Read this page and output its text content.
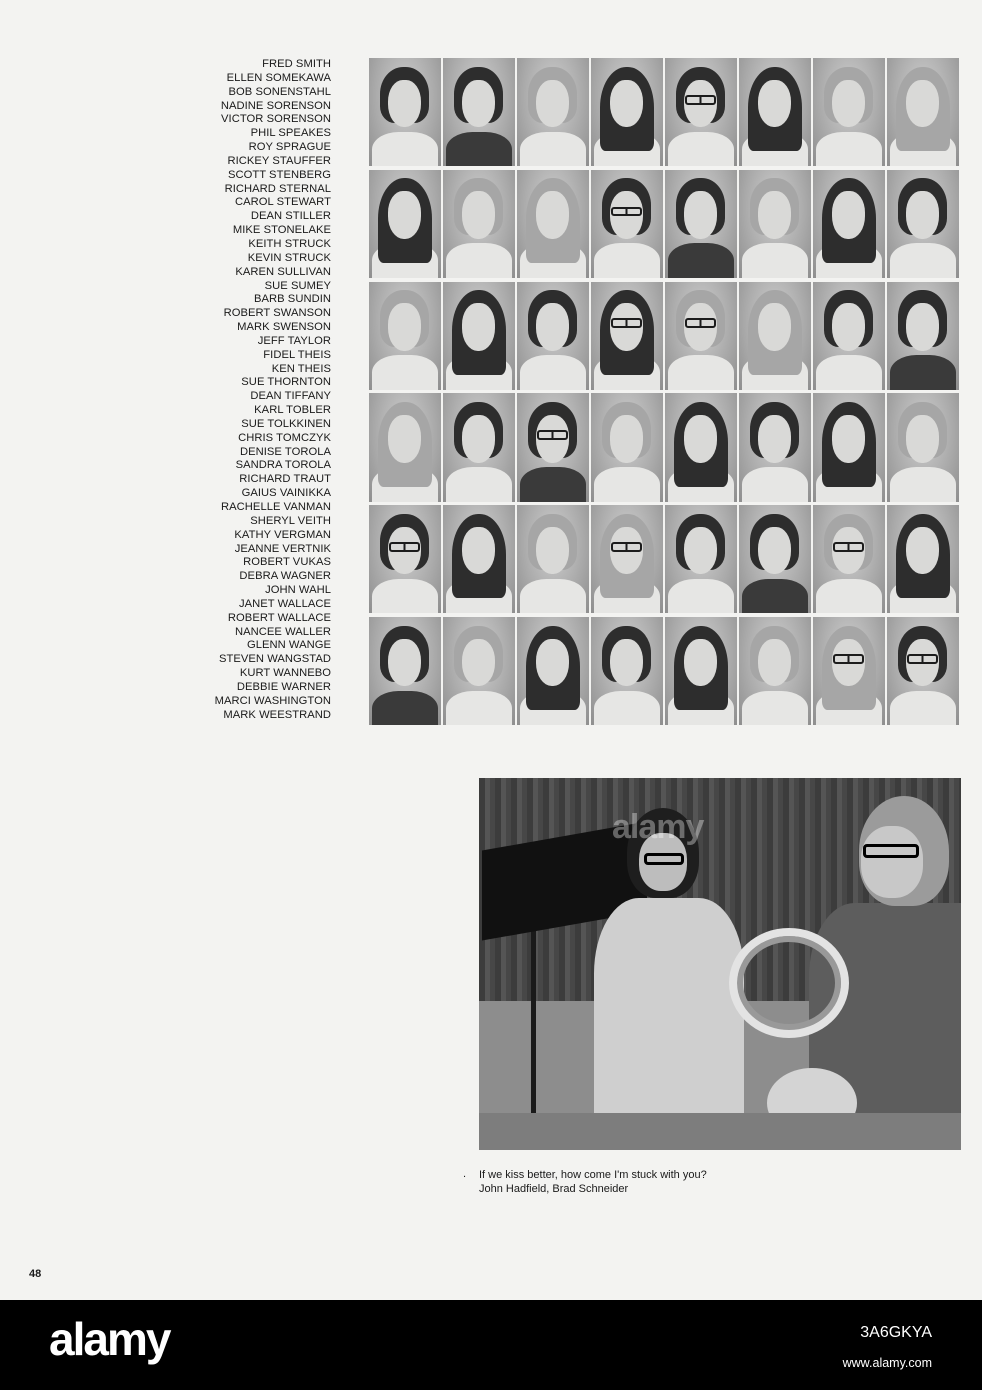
FRED SMITH
ELLEN SOMEKAWA
BOB SONENSTAHL
NADINE SORENSON
VICTOR SORENSON
PHIL SPEAKES
ROY SPRAGUE
RICKEY STAUFFER
SCOTT STENBERG
RICHARD STERNAL
CAROL STEWART
DEAN STILLER
MIKE STONELAKE
KEITH STRUCK
KEVIN STRUCK
KAREN SULLIVAN
SUE SUMEY
BARB SUNDIN
ROBERT SWANSON
MARK SWENSON
JEFF TAYLOR
FIDEL THEIS
KEN THEIS
SUE THORNTON
DEAN TIFFANY
KARL TOBLER
SUE TOLKKINEN
CHRIS TOMCZYK
DENISE TOROLA
SANDRA TOROLA
RICHARD TRAUT
GAIUS VAINIKKA
RACHELLE VANMAN
SHERYL VEITH
KATHY VERGMAN
JEANNE VERTNIK
ROBERT VUKAS
DEBRA WAGNER
JOHN WAHL
JANET WALLACE
ROBERT WALLACE
NANCEE WALLER
GLENN WANGE
STEVEN WANGSTAD
KURT WANNEBO
DEBBIE WARNER
MARCI WASHINGTON
MARK WEESTRAND
alamy
. If we kiss better, how come I'm stuck with you?
John Hadfield, Brad Schneider
48
alamy	3A6GKYA
www.alamy.com
